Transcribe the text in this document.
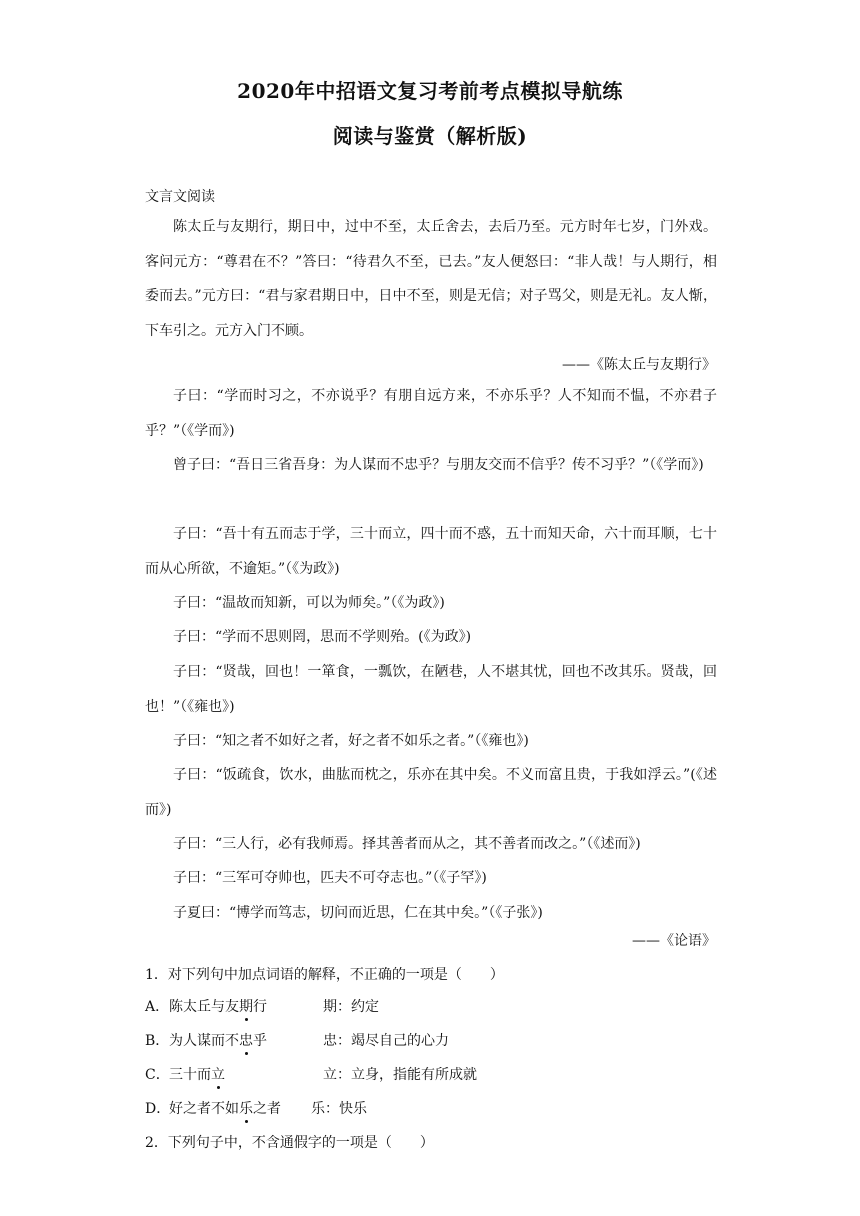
2020年中招语文复习考前考点模拟导航练
阅读与鉴赏（解析版)
文言文阅读

陈太丘与友期行，期日中，过中不至，太丘舍去，去后乃至。元方时年七岁，门外戏。客问元方：“尊君在不？”答曰：“待君久不至，已去。”友人便怒曰：“非人哉！与人期行，相委而去。”元方曰：“君与家君期日中，日中不至，则是无信；对子骂父，则是无礼。友人惭，下车引之。元方入门不顾。

——《陈太丘与友期行》

子曰：“学而时习之，不亦说乎？有朋自远方来，不亦乐乎？人不知而不愠，不亦君子乎？”（《学而》)

曾子曰：“吾日三省吾身：为人谋而不忠乎？与朋友交而不信乎？传不习乎？”（《学而》)

子曰：“吾十有五而志于学，三十而立，四十而不惑，五十而知天命，六十而耳顺，七十而从心所欲，不逾矩。”（《为政》)

子曰：“温故而知新，可以为师矣。”（《为政》)

子曰：“学而不思则罔，思而不学则殆。(《为政》)

子曰：“贤哉，回也！一箪食，一瓢饮，在陋巷，人不堪其忧，回也不改其乐。贤哉，回也！”（《雍也》)

子曰：“知之者不如好之者，好之者不如乐之者。”（《雍也》)

子曰：“饭疏食，饮水，曲肱而枕之，乐亦在其中矣。不义而富且贵，于我如浮云。”(《述而》)

子曰：“三人行，必有我师焉。择其善者而从之，其不善者而改之。”（《述而》)

子曰：“三军可夺帅也，匹夫不可夺志也。”（《子罕》)

子夏曰：“博学而笃志，切问而近思，仁在其中矣。”（《子张》)

——《论语》
1．对下列句中加点词语的解释，不正确的一项是（　　）
A．陈太丘与友期行	期：约定
B．为人谋而不忠乎	忠：竭尽自己的心力
C．三十而立	立：立身，指能有所成就
D．好之者不如乐之者 乐：快乐
2．下列句子中，不含通假字的一项是（　　）
